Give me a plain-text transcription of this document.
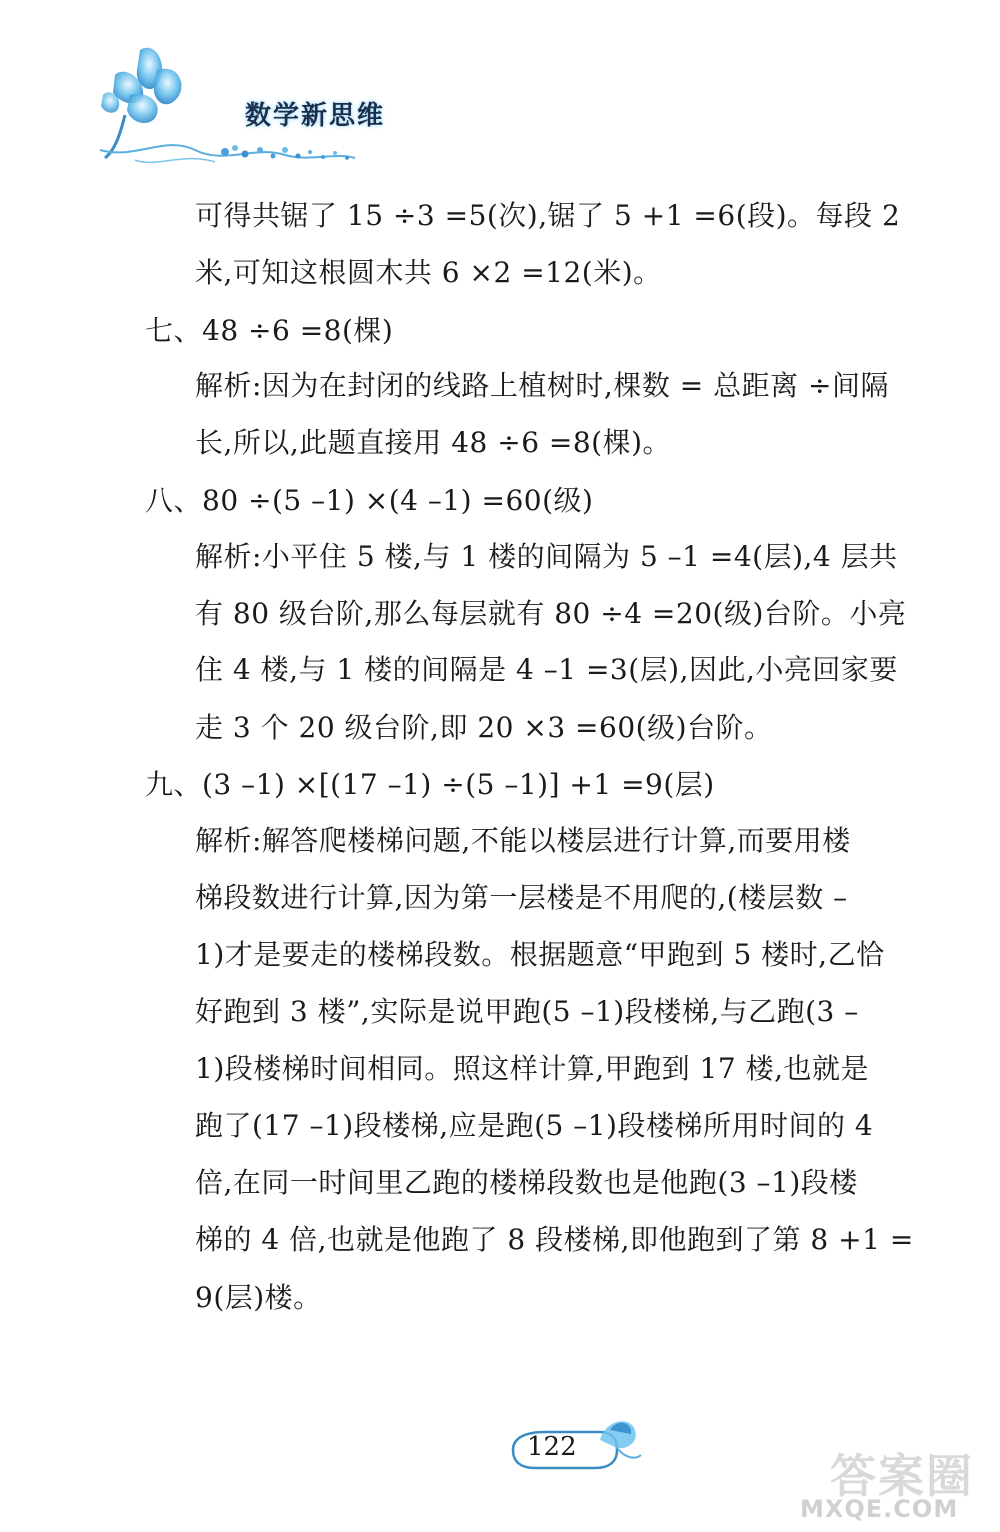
数学新思维
可得共锯了 15 ÷3 =5(次),锯了 5 +1 =6(段)。每段 2
米,可知这根圆木共 6 ×2 =12(米)。
七、48 ÷6 =8(棵)
解析:因为在封闭的线路上植树时,棵数 = 总距离 ÷间隔
长,所以,此题直接用 48 ÷6 =8(棵)。
八、80 ÷(5 –1) ×(4 –1) =60(级)
解析:小平住 5 楼,与 1 楼的间隔为 5 –1 =4(层),4 层共
有 80 级台阶,那么每层就有 80 ÷4 =20(级)台阶。小亮
住 4 楼,与 1 楼的间隔是 4 –1 =3(层),因此,小亮回家要
走 3 个 20 级台阶,即 20 ×3 =60(级)台阶。
九、(3 –1) ×[(17 –1) ÷(5 –1)] +1 =9(层)
解析:解答爬楼梯问题,不能以楼层进行计算,而要用楼
梯段数进行计算,因为第一层楼是不用爬的,(楼层数 –
1)才是要走的楼梯段数。根据题意“甲跑到 5 楼时,乙恰
好跑到 3 楼”,实际是说甲跑(5 –1)段楼梯,与乙跑(3 –
1)段楼梯时间相同。照这样计算,甲跑到 17 楼,也就是
跑了(17 –1)段楼梯,应是跑(5 –1)段楼梯所用时间的 4
倍,在同一时间里乙跑的楼梯段数也是他跑(3 –1)段楼
梯的 4 倍,也就是他跑了 8 段楼梯,即他跑到了第 8 +1 =
9(层)楼。
122
答案圈
MXQE.COM
